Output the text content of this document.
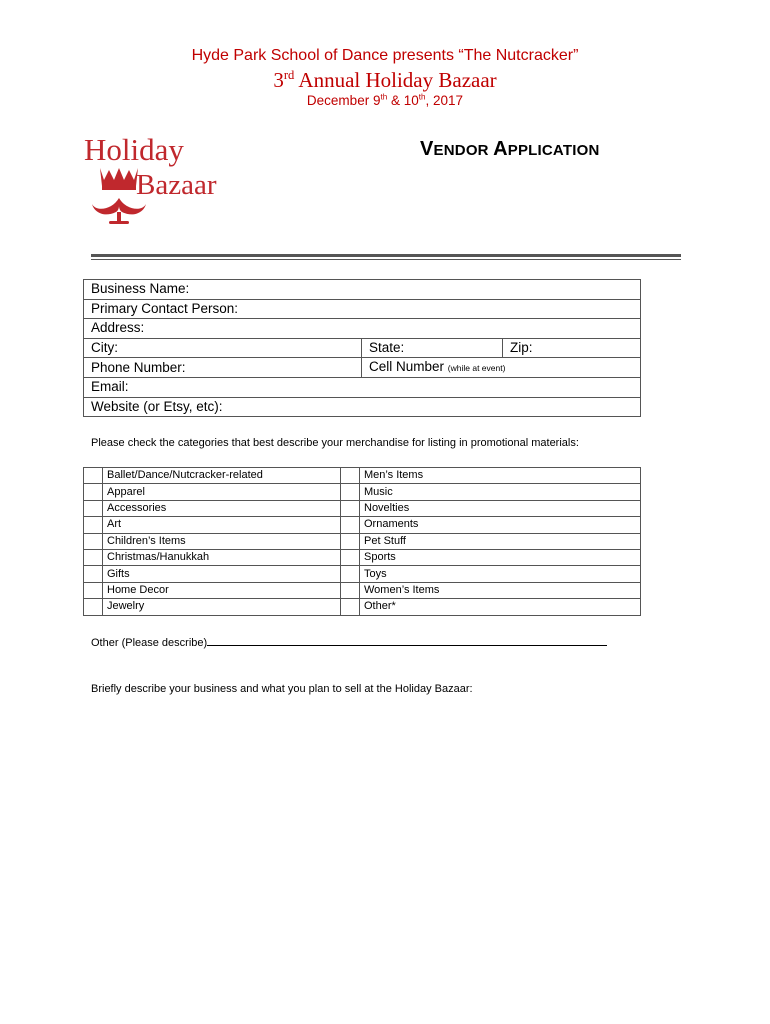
Hyde Park School of Dance presents “The Nutcracker”
3rd Annual Holiday Bazaar
December 9th & 10th, 2017
Holiday
Bazaar
VENDOR APPLICATION
Business Name:		
Primary Contact Person:		
Address:		
City:	State:	Zip:
Phone Number:	Cell Number (while at event)	
Email:		
Website (or Etsy, etc):		
Please check the categories that best describe your merchandise for listing in promotional materials:
	Ballet/Dance/Nutcracker-related		Men’s Items
	Apparel		Music
	Accessories		Novelties
	Art		Ornaments
	Children’s Items		Pet Stuff
	Christmas/Hanukkah		Sports
	Gifts		Toys
	Home Decor		Women’s Items
	Jewelry		Other*
Other (Please describe)
Briefly describe your business and what you plan to sell at the Holiday Bazaar:
